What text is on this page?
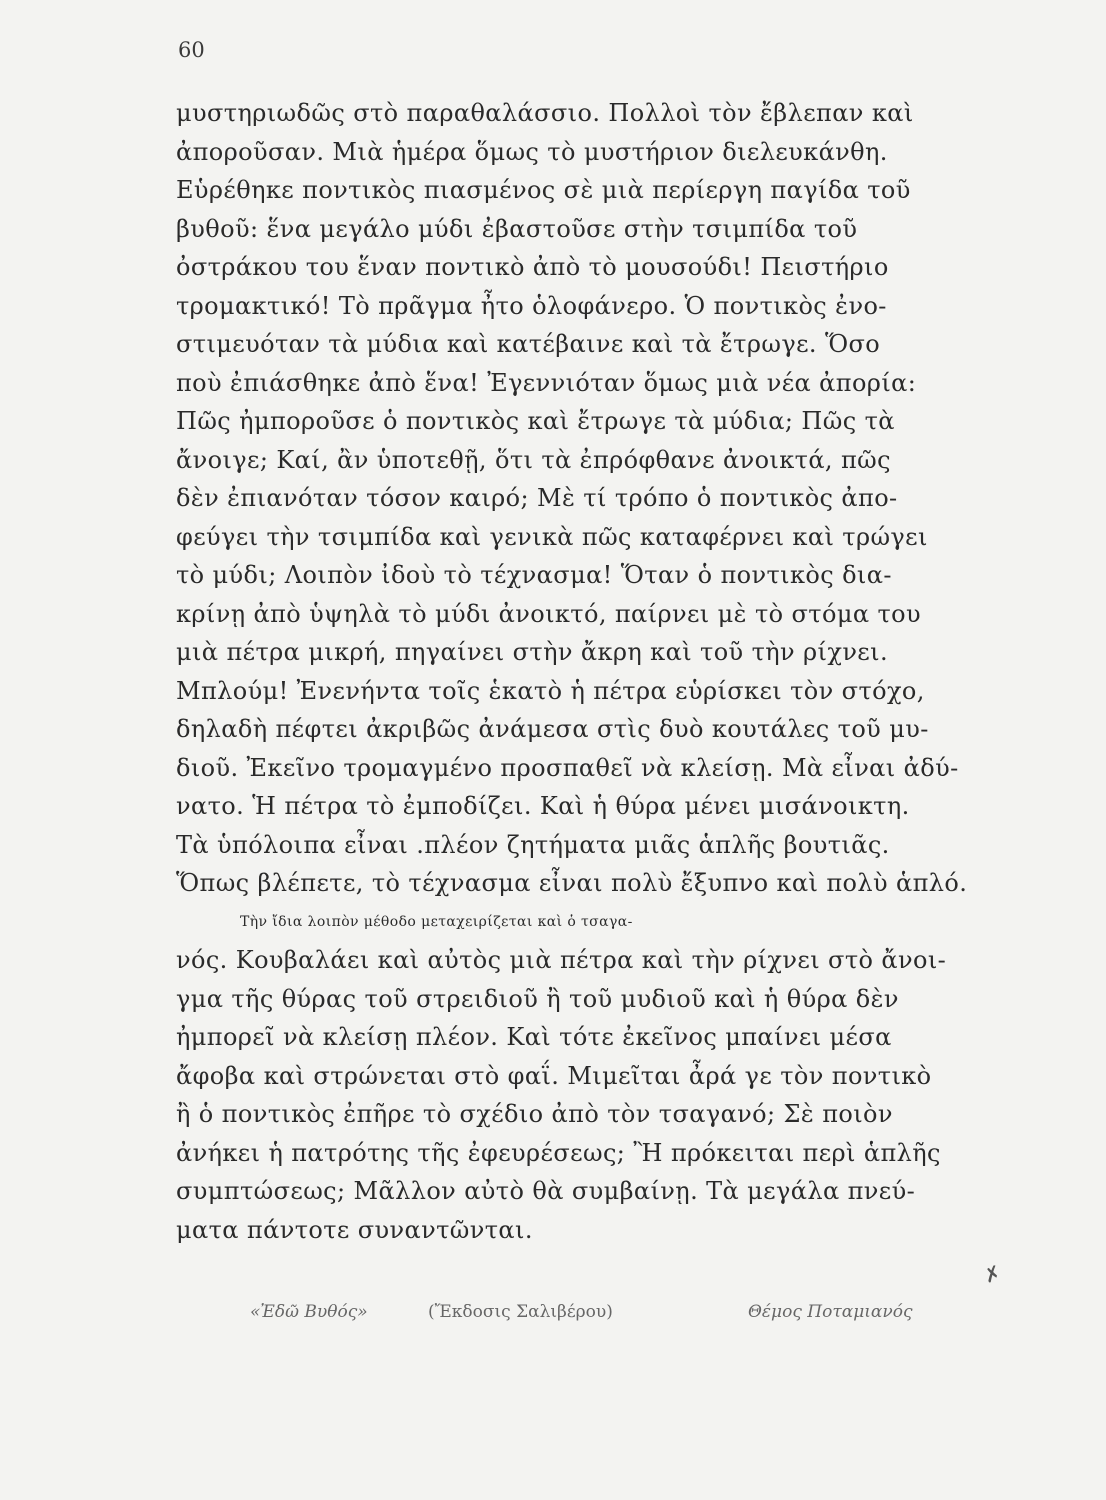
60
μυστηριωδῶς στὸ παραθαλάσσιο. Πολλοὶ τὸν ἔβλεπαν καὶ
ἀποροῦσαν. Μιὰ ἡμέρα ὅμως τὸ μυστήριον διελευκάνθη.
Εὑρέθηκε ποντικὸς πιασμένος σὲ μιὰ περίεργη παγίδα τοῦ
βυθοῦ: ἕνα μεγάλο μύδι ἐβαστοῦσε στὴν τσιμπίδα τοῦ
ὀστράκου του ἕναν ποντικὸ ἀπὸ τὸ μουσούδι! Πειστήριο
τρομακτικό! Τὸ πρᾶγμα ἦτο ὁλοφάνερο. Ὁ ποντικὸς ἐνο-
στιμευόταν τὰ μύδια καὶ κατέβαινε καὶ τὰ ἔτρωγε. Ὅσο
ποὺ ἐπιάσθηκε ἀπὸ ἕνα! Ἐγεννιόταν ὅμως μιὰ νέα ἀπορία:
Πῶς ἠμποροῦσε ὁ ποντικὸς καὶ ἔτρωγε τὰ μύδια; Πῶς τὰ
ἄνοιγε; Καί, ἂν ὑποτεθῇ, ὅτι τὰ ἐπρόφθανε ἀνοικτά, πῶς
δὲν ἐπιανόταν τόσον καιρό; Μὲ τί τρόπο ὁ ποντικὸς ἀπο-
φεύγει τὴν τσιμπίδα καὶ γενικὰ πῶς καταφέρνει καὶ τρώγει
τὸ μύδι; Λοιπὸν ἰδοὺ τὸ τέχνασμα! Ὅταν ὁ ποντικὸς δια-
κρίνῃ ἀπὸ ὑψηλὰ τὸ μύδι ἀνοικτό, παίρνει μὲ τὸ στόμα του
μιὰ πέτρα μικρή, πηγαίνει στὴν ἄκρη καὶ τοῦ τὴν ρίχνει.
Μπλούμ! Ἐνενήντα τοῖς ἑκατὸ ἡ πέτρα εὑρίσκει τὸν στόχο,
δηλαδὴ πέφτει ἀκριβῶς ἀνάμεσα στὶς δυὸ κουτάλες τοῦ μυ-
διοῦ. Ἐκεῖνο τρομαγμένο προσπαθεῖ νὰ κλείσῃ. Μὰ εἶναι ἀδύ-
νατο. Ἡ πέτρα τὸ ἐμποδίζει. Καὶ ἡ θύρα μένει μισάνοικτη.
Τὰ ὑπόλοιπα εἶναι .πλέον ζητήματα μιᾶς ἁπλῆς βουτιᾶς.
Ὅπως βλέπετε, τὸ τέχνασμα εἶναι πολὺ ἔξυπνο καὶ πολὺ ἁπλό.
Τὴν ἴδια λοιπὸν μέθοδο μεταχειρίζεται καὶ ὁ τσαγα-
νός. Κουβαλάει καὶ αὐτὸς μιὰ πέτρα καὶ τὴν ρίχνει στὸ ἄνοι-
γμα τῆς θύρας τοῦ στρειδιοῦ ἢ τοῦ μυδιοῦ καὶ ἡ θύρα δὲν
ἠμπορεῖ νὰ κλείσῃ πλέον. Καὶ τότε ἐκεῖνος μπαίνει μέσα
ἄφοβα καὶ στρώνεται στὸ φαΐ. Μιμεῖται ἆρά γε τὸν ποντικὸ
ἢ ὁ ποντικὸς ἐπῆρε τὸ σχέδιο ἀπὸ τὸν τσαγανό; Σὲ ποιὸν
ἀνήκει ἡ πατρότης τῆς ἐφευρέσεως; Ἢ πρόκειται περὶ ἁπλῆς
συμπτώσεως; Μᾶλλον αὐτὸ θὰ συμβαίνῃ. Τὰ μεγάλα πνεύ-
ματα πάντοτε συναντῶνται.
✗
«Ἐδῶ Βυθός»	(Ἔκδοσις Σαλιβέρου)	Θέμος Ποταμιανός
